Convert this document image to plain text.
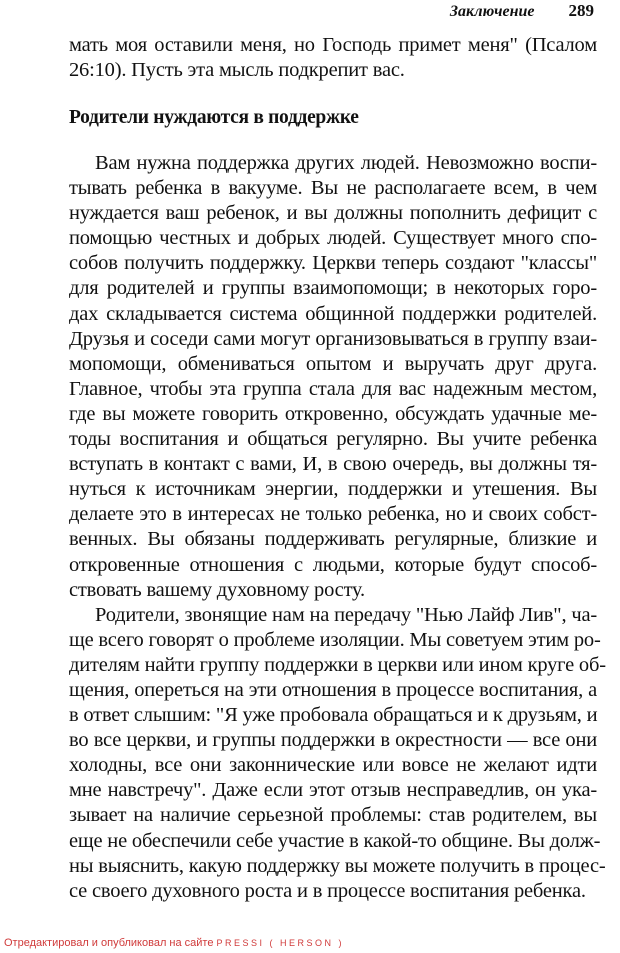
Заключение 289
мать моя оставили меня, но Господь примет меня" (Псалом
26:10). Пусть эта мысль подкрепит вас.
Родители нуждаются в поддержке
Вам нужна поддержка других людей. Невозможно воспи-
тывать ребенка в вакууме. Вы не располагаете всем, в чем
нуждается ваш ребенок, и вы должны пополнить дефицит с
помощью честных и добрых людей. Существует много спо-
собов получить поддержку. Церкви теперь создают "классы"
для родителей и группы взаимопомощи; в некоторых горо-
дах складывается система общинной поддержки родителей.
Друзья и соседи сами могут организовываться в группу взаи-
мопомощи, обмениваться опытом и выручать друг друга.
Главное, чтобы эта группа стала для вас надежным местом,
где вы можете говорить откровенно, обсуждать удачные ме-
тоды воспитания и общаться регулярно. Вы учите ребенка
вступать в контакт с вами, И, в свою очередь, вы должны тя-
нуться к источникам энергии, поддержки и утешения. Вы
делаете это в интересах не только ребенка, но и своих собст-
венных. Вы обязаны поддерживать регулярные, близкие и
откровенные отношения с людьми, которые будут способ-
ствовать вашему духовному росту.
Родители, звонящие нам на передачу "Нью Лайф Лив", ча-
ще всего говорят о проблеме изоляции. Мы советуем этим ро-
дителям найти группу поддержки в церкви или ином круге об-
щения, опереться на эти отношения в процессе воспитания, а
в ответ слышим: "Я уже пробовала обращаться и к друзьям, и
во все церкви, и группы поддержки в окрестности — все они
холодны, все они законнические или вовсе не желают идти
мне навстречу". Даже если этот отзыв несправедлив, он ука-
зывает на наличие серьезной проблемы: став родителем, вы
еще не обеспечили себе участие в какой-то общине. Вы долж-
ны выяснить, какую поддержку вы можете получить в процес-
се своего духовного роста и в процессе воспитания ребенка.
Отредактировал и опубликовал на сайте PRESSI ( HERSON )
